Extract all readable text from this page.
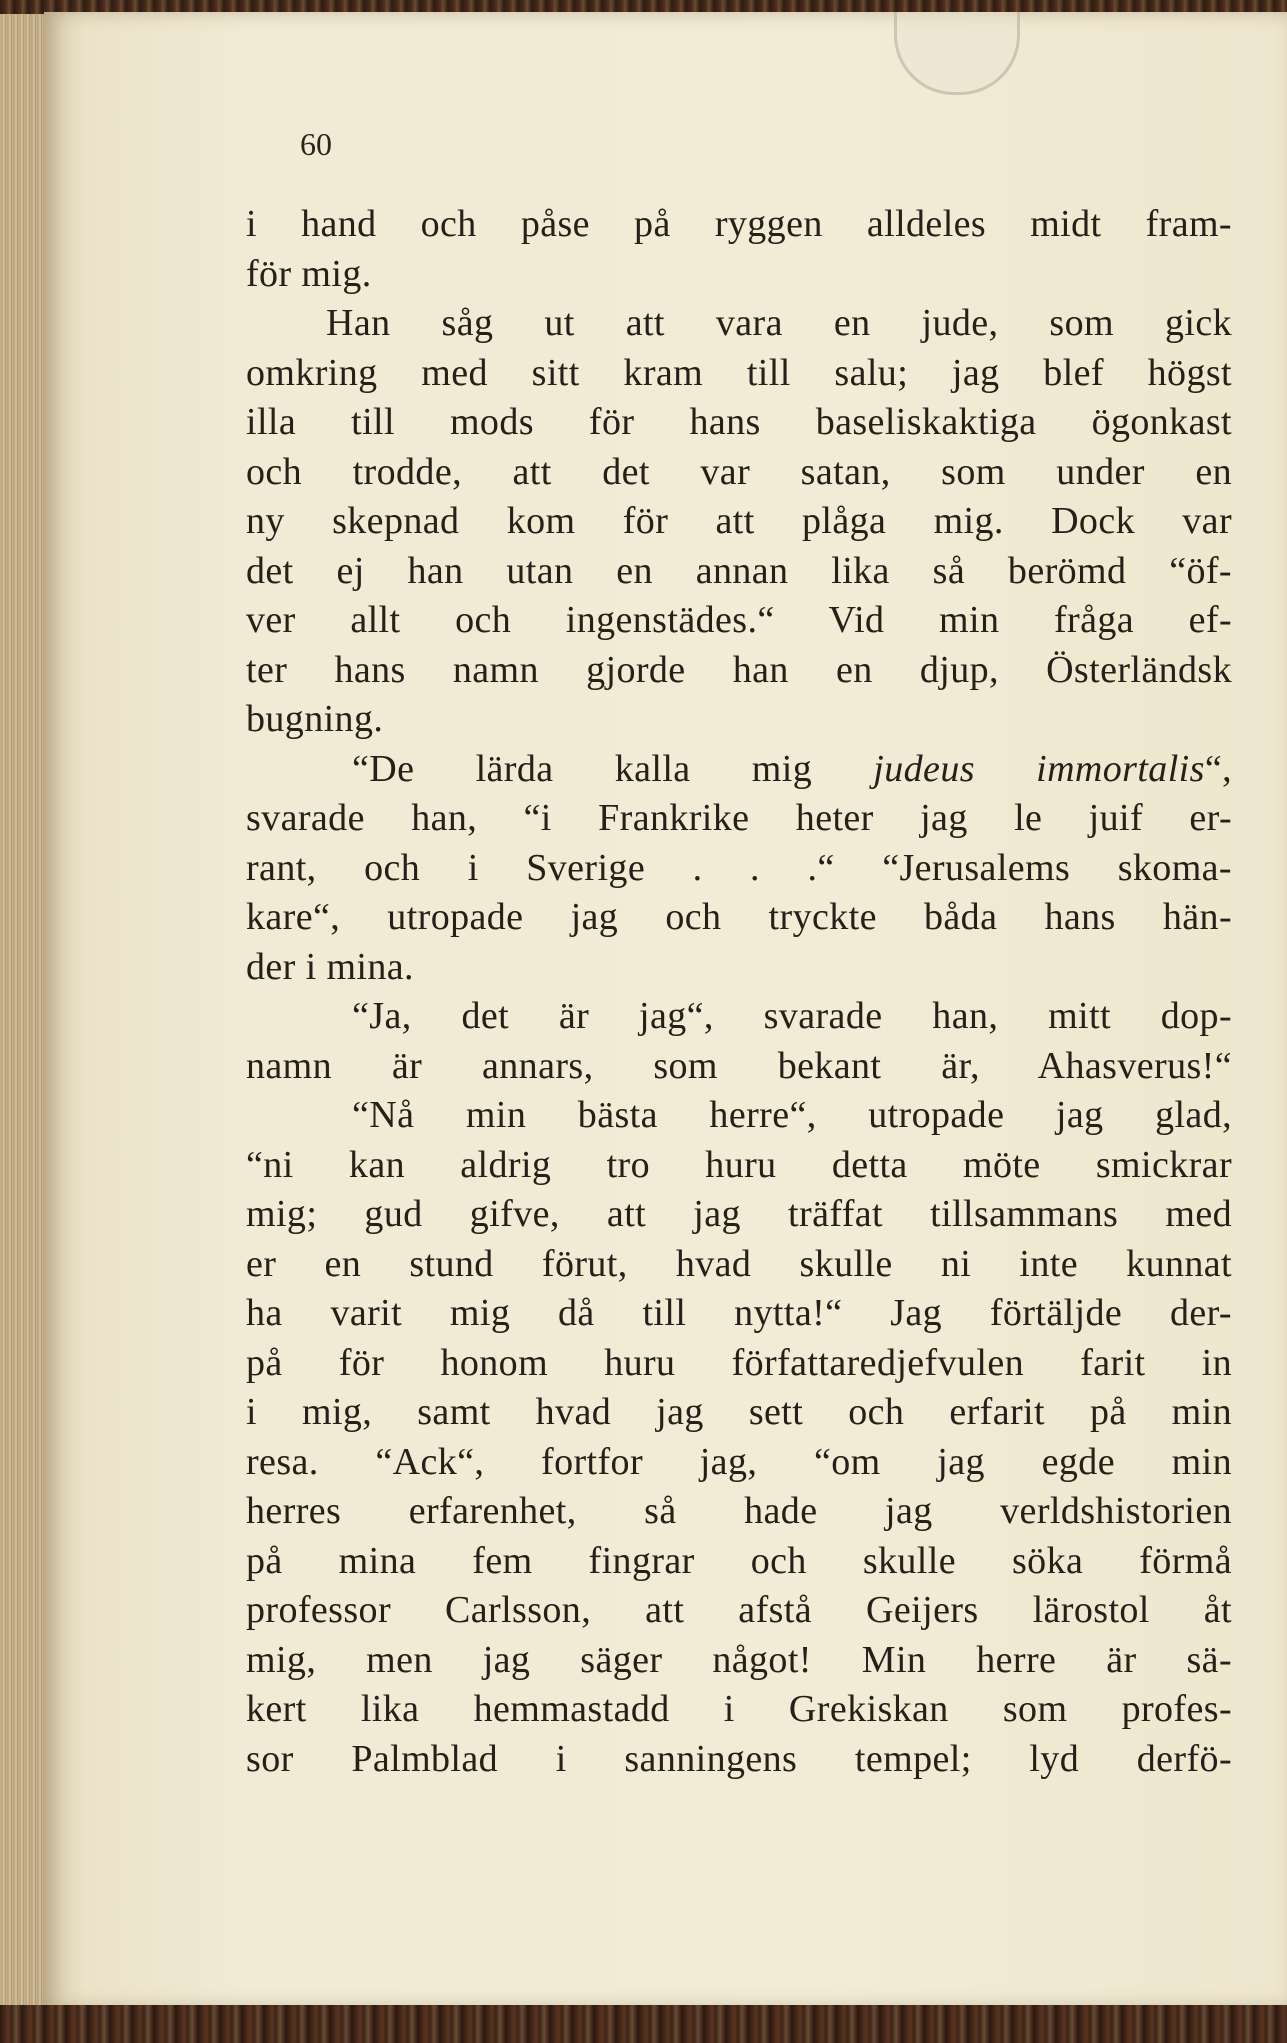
60
i hand och påse på ryggen alldeles midt fram-
för mig.
Han såg ut att vara en jude, som gick
omkring med sitt kram till salu; jag blef högst
illa till mods för hans baseliskaktiga ögonkast
och trodde, att det var satan, som under en
ny skepnad kom för att plåga mig. Dock var
det ej han utan en annan lika så berömd “öf-
ver allt och ingenstädes.“ Vid min fråga ef-
ter hans namn gjorde han en djup, Österländsk
bugning.
“De lärda kalla mig judeus immortalis“,
svarade han, “i Frankrike heter jag le juif er-
rant, och i Sverige . . .“ “Jerusalems skoma-
kare“, utropade jag och tryckte båda hans hän-
der i mina.
“Ja, det är jag“, svarade han, mitt dop-
namn är annars, som bekant är, Ahasverus!“
“Nå min bästa herre“, utropade jag glad,
“ni kan aldrig tro huru detta möte smickrar
mig; gud gifve, att jag träffat tillsammans med
er en stund förut, hvad skulle ni inte kunnat
ha varit mig då till nytta!“ Jag förtäljde der-
på för honom huru författaredjefvulen farit in
i mig, samt hvad jag sett och erfarit på min
resa. “Ack“, fortfor jag, “om jag egde min
herres erfarenhet, så hade jag verldshistorien
på mina fem fingrar och skulle söka förmå
professor Carlsson, att afstå Geijers lärostol åt
mig, men jag säger något! Min herre är sä-
kert lika hemmastadd i Grekiskan som profes-
sor Palmblad i sanningens tempel; lyd derfö-
